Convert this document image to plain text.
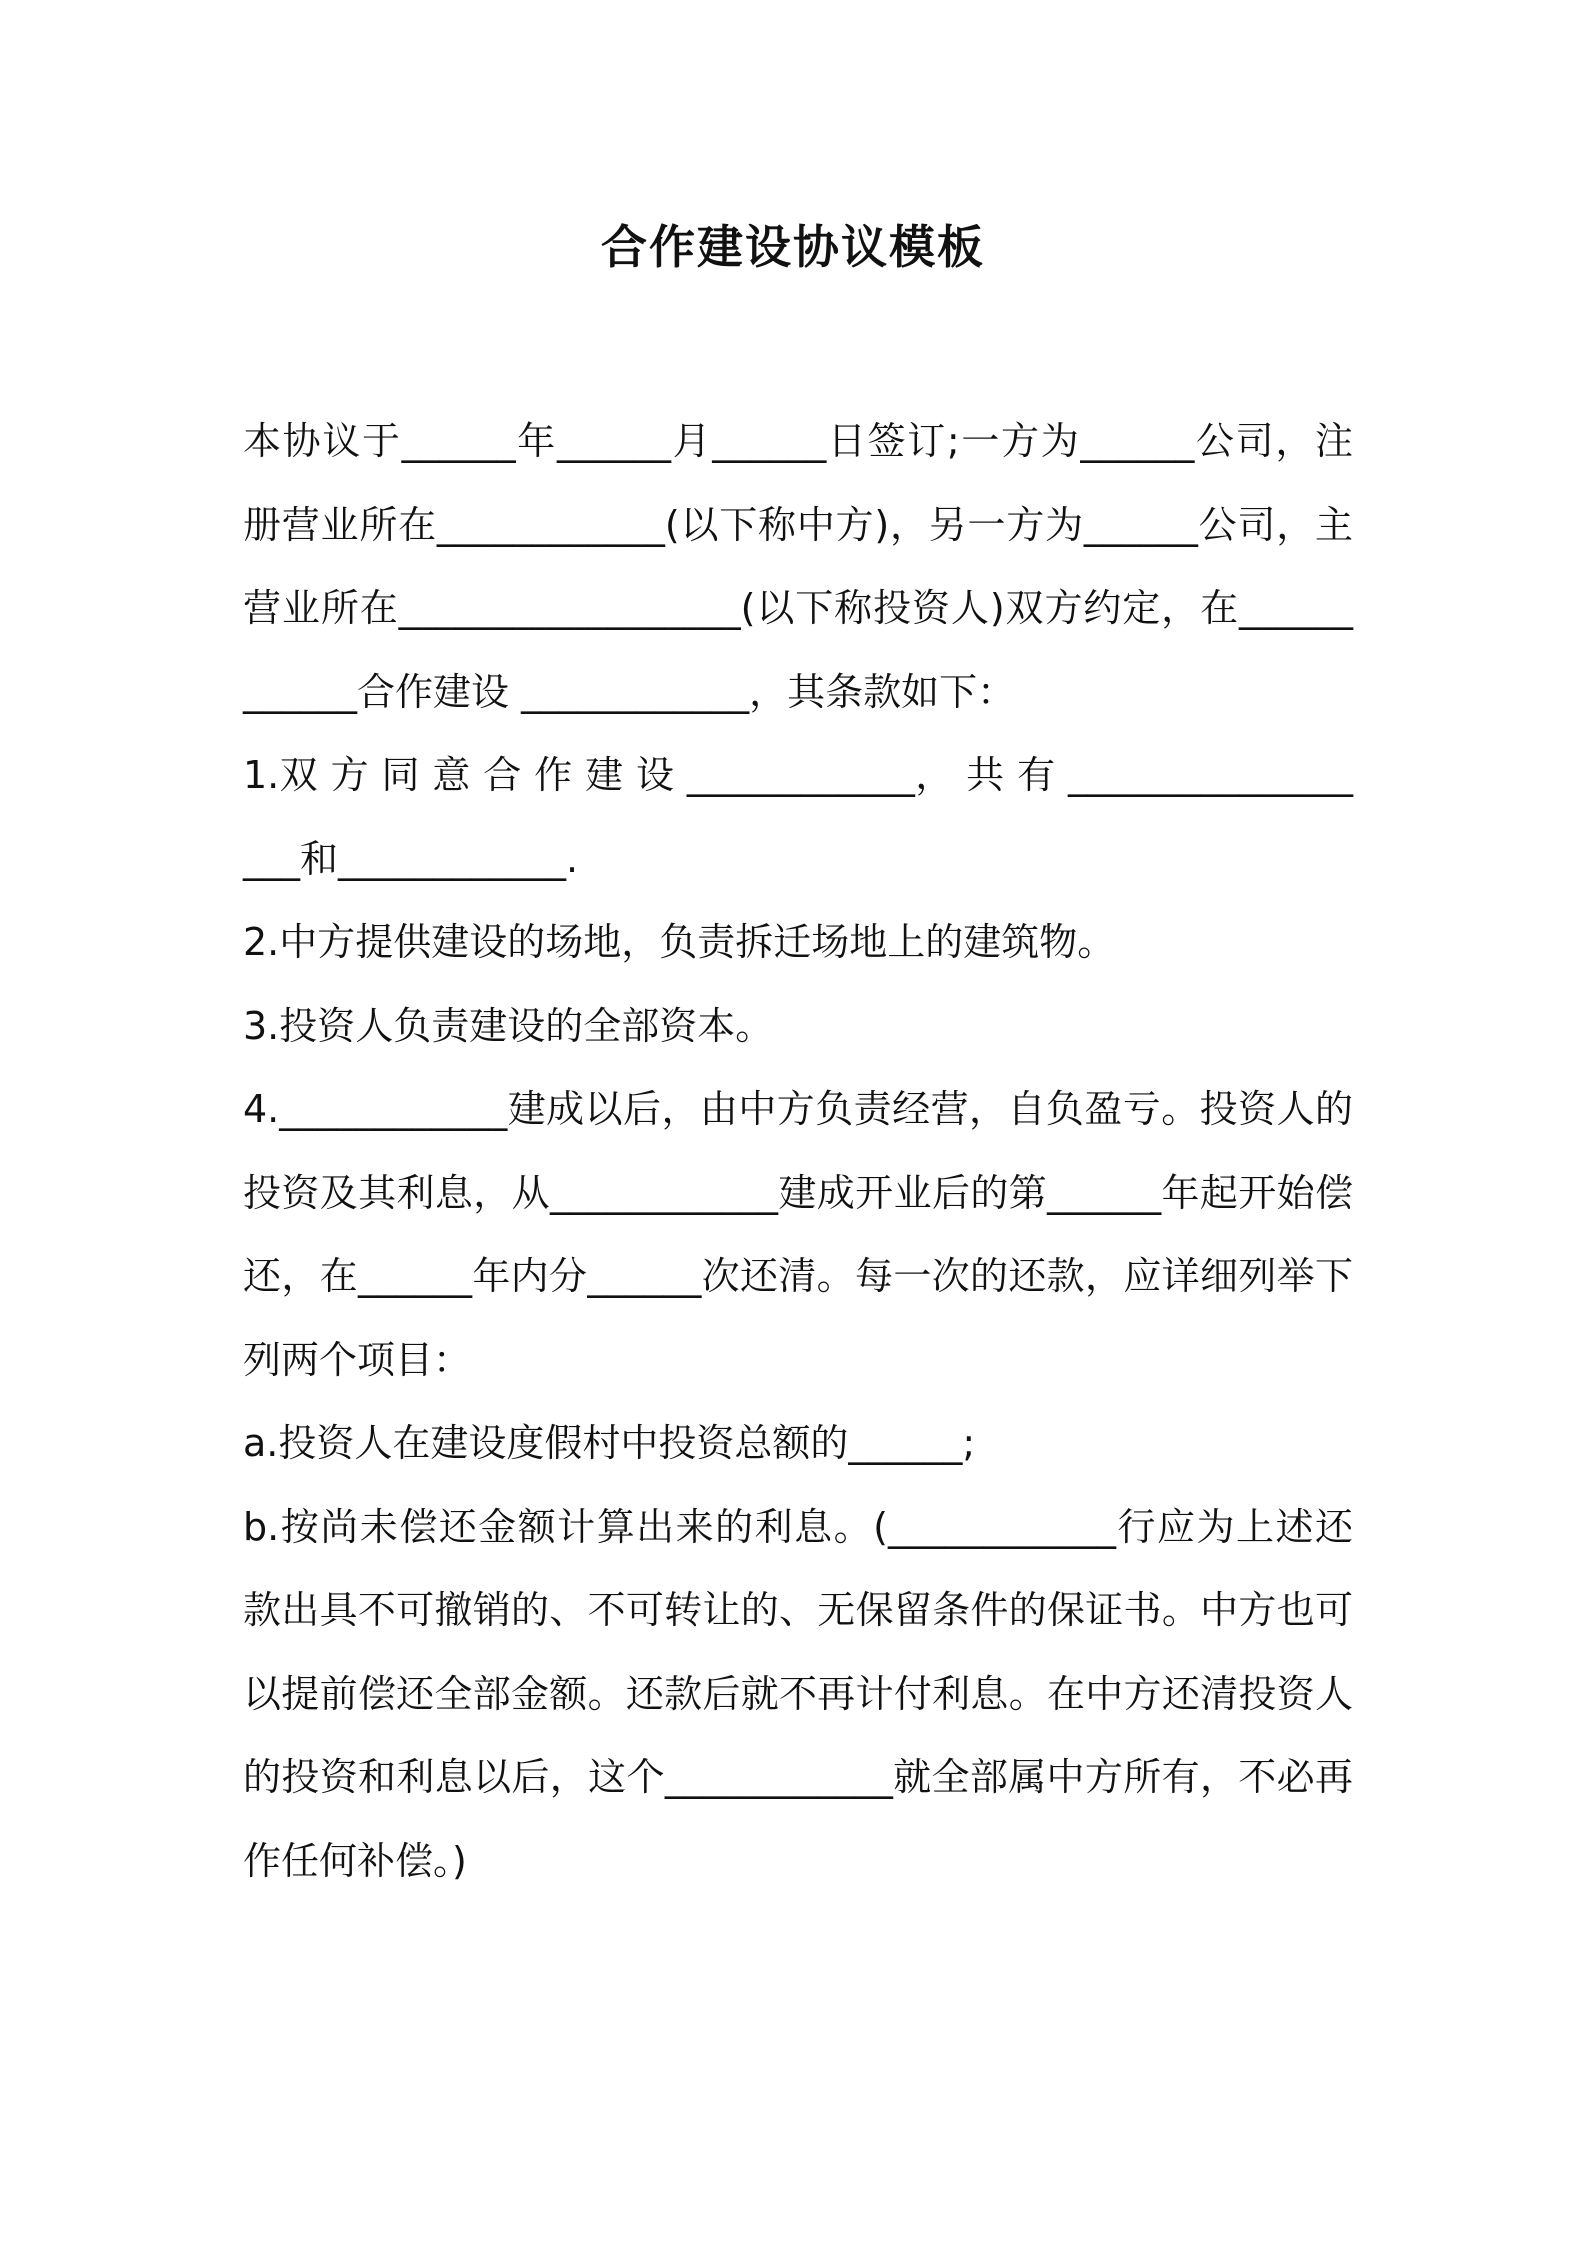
合作建设协议模板

本协议于______年______月______日签订;一方为______公司，注册营业所在____________(以下称中方)，另一方为______公司，主营业所在__________________(以下称投资人)双方约定，在____________合作建设 ____________，其条款如下：

1.双 方 同 意 合 作 建 设 ____________， 共 有 __________________和____________.

2.中方提供建设的场地，负责拆迁场地上的建筑物。

3.投资人负责建设的全部资本。

4.____________建成以后，由中方负责经营，自负盈亏。投资人的投资及其利息，从____________建成开业后的第______年起开始偿还，在______年内分______次还清。每一次的还款，应详细列举下列两个项目：

a.投资人在建设度假村中投资总额的______;

b.按尚未偿还金额计算出来的利息。(____________行应为上述还款出具不可撤销的、不可转让的、无保留条件的保证书。中方也可以提前偿还全部金额。还款后就不再计付利息。在中方还清投资人的投资和利息以后，这个____________就全部属中方所有，不必再作任何补偿。)
